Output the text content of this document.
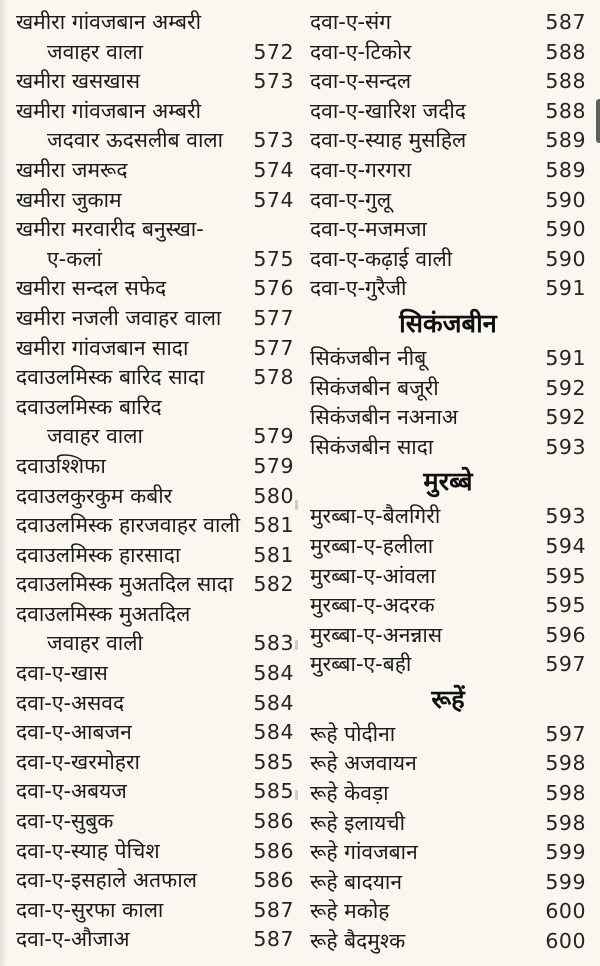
खमीरा गांवजबान अम्बरी
जवाहर वाला	572
खमीरा खसखास	573
खमीरा गांवजबान अम्बरी
जदवार ऊदसलीब वाला 573
खमीरा जमरूद	574
खमीरा जुकाम	574
खमीरा मरवारीद बनुस्खा-
ए-कलां	575
खमीरा सन्दल सफेद	576
खमीरा नजली जवाहर वाला 577
खमीरा गांवजबान सादा	577
दवाउलमिस्क बारिद सादा 578
दवाउलमिस्क बारिद
जवाहर वाला	579
दवाउश्शिफा	579
दवाउलकुरकुम कबीर	580
दवाउलमिस्क हारजवाहर वाली 581
दवाउलमिस्क हारसादा	581
दवाउलमिस्क मुअतदिल सादा 582
दवाउलमिस्क मुअतदिल
जवाहर वाली	583
दवा-ए-खास	584
दवा-ए-असवद	584
दवा-ए-आबजन	584
दवा-ए-खरमोहरा	585
दवा-ए-अबयज	585
दवा-ए-सुबुक	586
दवा-ए-स्याह पेचिश	586
दवा-ए-इसहाले अतफाल	586
दवा-ए-सुरफा काला	587
दवा-ए-औजाअ	587
दवा-ए-संग	587
दवा-ए-टिकोर	588
दवा-ए-सन्दल	588
दवा-ए-खारिश जदीद	588
दवा-ए-स्याह मुसहिल	589
दवा-ए-गरगरा	589
दवा-ए-गुलू	590
दवा-ए-मजमजा	590
दवा-ए-कढ़ाई वाली	590
दवा-ए-गुरैजी	591
सिकंजबीन
सिकंजबीन नीबू	591
सिकंजबीन बजूरी	592
सिकंजबीन नअनाअ	592
सिकंजबीन सादा	593
मुरब्बे
मुरब्बा-ए-बैलगिरी	593
मुरब्बा-ए-हलीला	594
मुरब्बा-ए-आंवला	595
मुरब्बा-ए-अदरक	595
मुरब्बा-ए-अनन्नास	596
मुरब्बा-ए-बही	597
रूहें
रूहे पोदीना	597
रूहे अजवायन	598
रूहे केवड़ा	598
रूहे इलायची	598
रूहे गांवजबान	599
रूहे बादयान	599
रूहे मकोह	600
रूहे बैदमुश्क	600
